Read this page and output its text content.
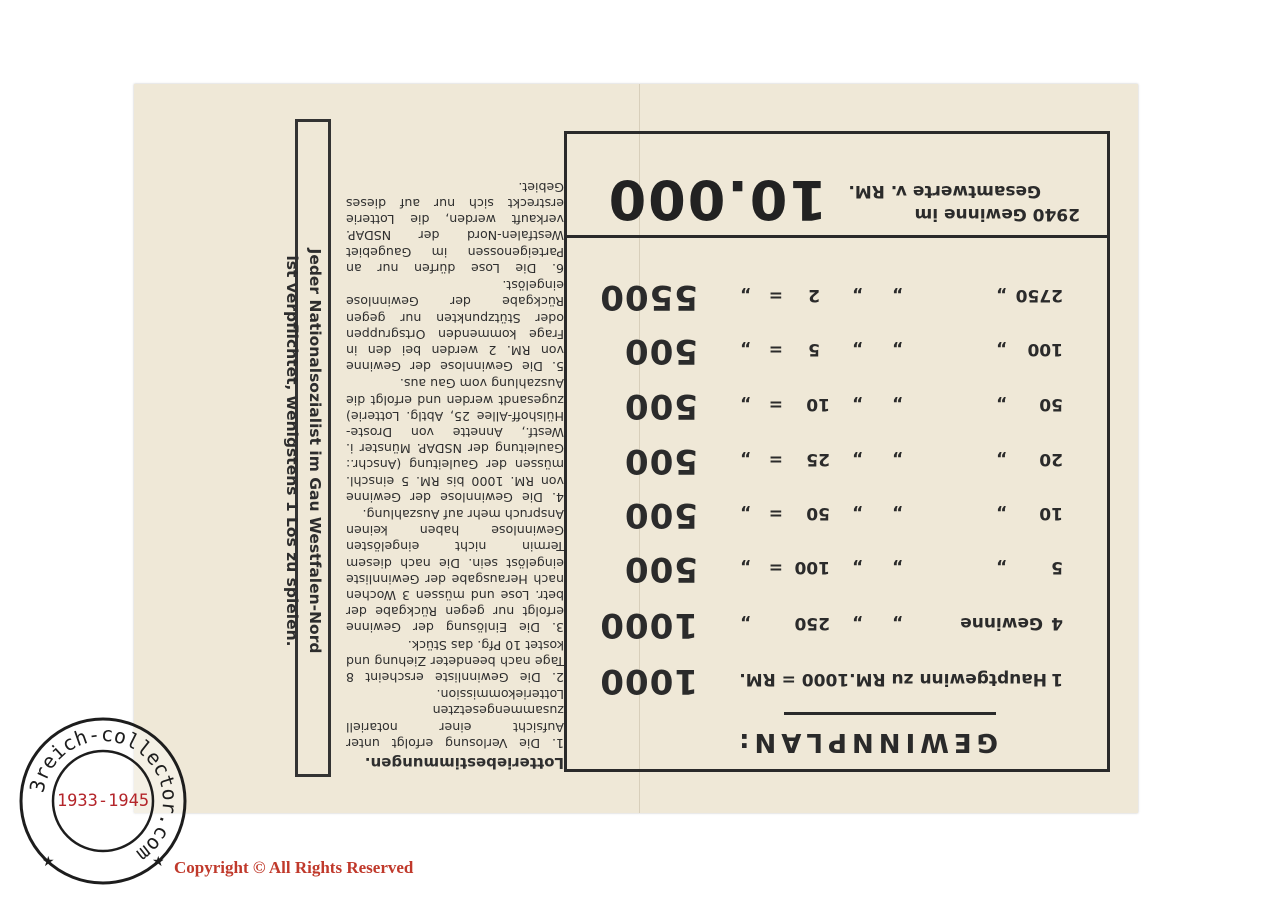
Jeder Nationalsozialist im Gau Westfalen-Nord
ist verpflichtet, wenigstens 1 Los zu spielen.
Lotteriebestimmungen.
1. Die Verlosung erfolgt unter Aufsicht einer notariell zusammengesetzten Lotteriekommission.
2. Die Gewinnliste erscheint 8 Tage nach beendeter Ziehung und kostet 10 Pfg. das Stück.
3. Die Einlösung der Gewinne erfolgt nur gegen Rückgabe der betr. Lose und müssen 3 Wochen nach Herausgabe der Gewinnliste eingelöst sein. Die nach diesem Termin nicht eingelösten Gewinnlose haben keinen Anspruch mehr auf Auszahlung.
4. Die Gewinnlose der Gewinne von RM. 1000 bis RM. 5 einschl. müssen der Gauleitung (Anschr.: Gauleitung der NSDAP. Münster i. Westf., Annette von Droste-Hülshoff-Allee 25, Abtlg. Lotterie) zugesandt werden und erfolgt die Auszahlung vom Gau aus.
5. Die Gewinnlose der Gewinne von RM. 2 werden bei den in Frage kommenden Ortsgruppen oder Stützpunkten nur gegen Rückgabe der Gewinnlose eingelöst.
6. Die Lose dürfen nur an Parteigenossen im Gaugebiet Westfalen-Nord der NSDAP. verkauft werden, die Lotterie erstreckt sich nur auf dieses Gebiet.
GEWINNPLAN:
1
Hauptgewinn zu RM.1000 = RM.
1000
4
Gewinne
„
„
250
„
1000
5
„
„
„
100
=
„
500
10
„
„
„
50
=
„
500
20
„
„
„
25
=
„
500
50
„
„
„
10
=
„
500
100
„
„
„
5
=
„
500
2750
„
„
„
2
=
„
5500
2940 Gewinne im
Gesamtwerte v. RM.
10.000
3reich-collector.com
1933-1945
★	★ Copyright © All Rights Reserved
